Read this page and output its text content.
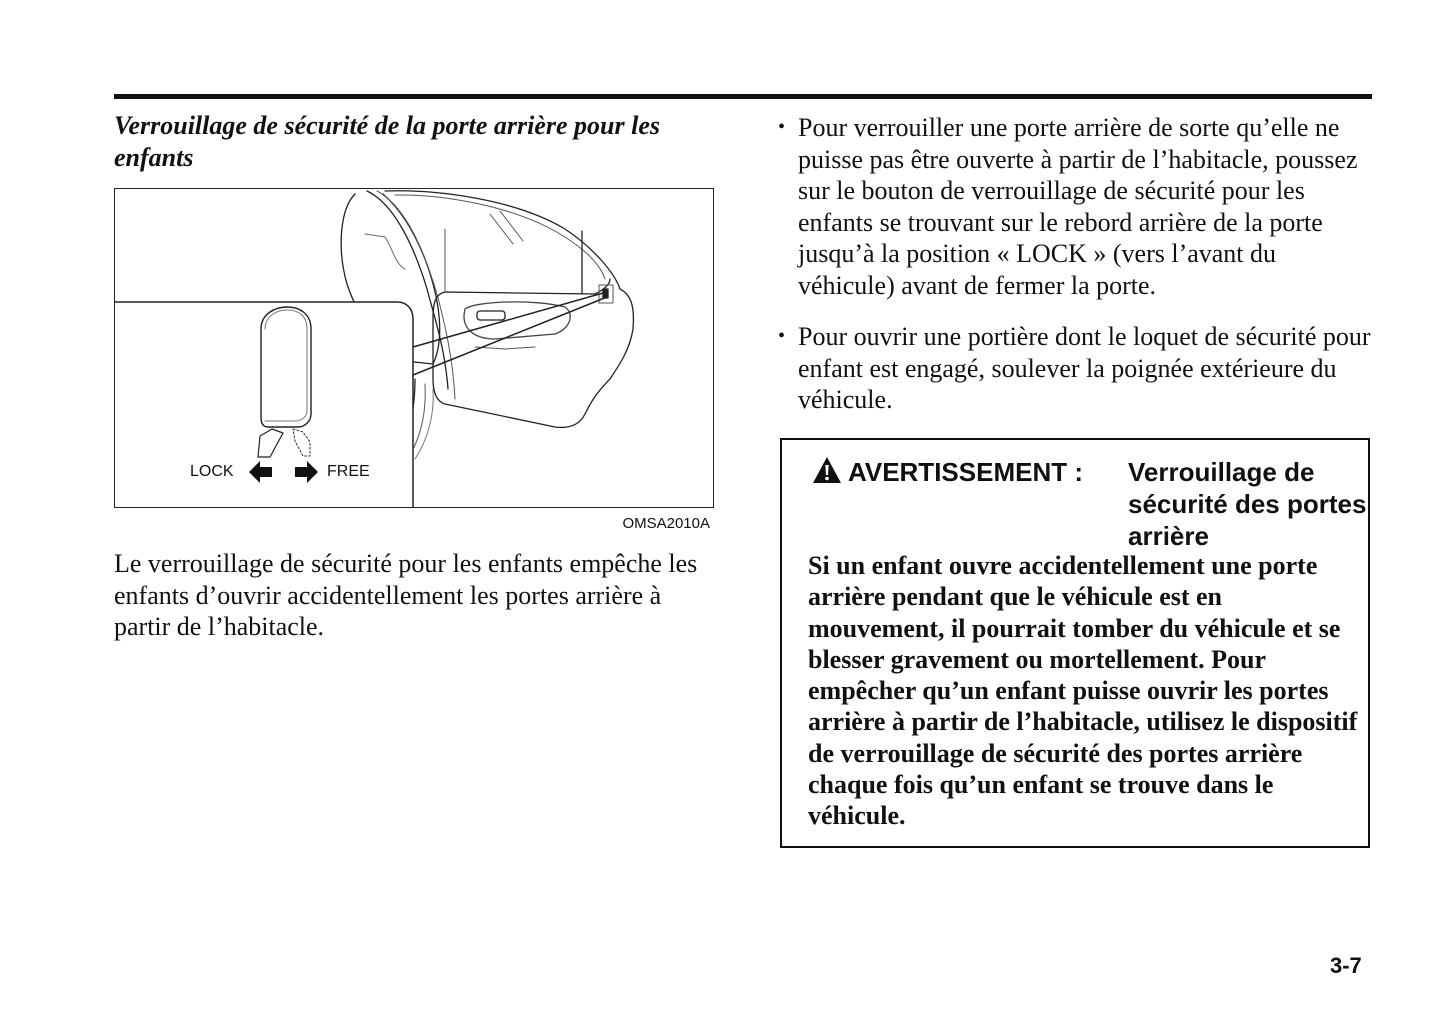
Verrouillage de sécurité de la porte arrière pour les enfants
LOCK	FREE
OMSA2010A
Le verrouillage de sécurité pour les enfants empêche les enfants d’ouvrir accidentellement les portes arrière à partir de l’habitacle.
• Pour verrouiller une porte arrière de sorte qu’elle ne puisse pas être ouverte à partir de l’habitacle, poussez sur le bouton de verrouillage de sécurité pour les enfants se trouvant sur le rebord arrière de la porte jusqu’à la position « LOCK » (vers l’avant du véhicule) avant de fermer la porte.
• Pour ouvrir une portière dont le loquet de sécurité pour enfant est engagé, soulever la poignée extérieure du véhicule.
AVERTISSEMENT : Verrouillage de sécurité des portes arrière
Si un enfant ouvre accidentellement une porte arrière pendant que le véhicule est en mouvement, il pourrait tomber du véhicule et se blesser gravement ou mortellement. Pour empêcher qu’un enfant puisse ouvrir les portes arrière à partir de l’habitacle, utilisez le dispositif de verrouillage de sécurité des portes arrière chaque fois qu’un enfant se trouve dans le véhicule.
3-7
